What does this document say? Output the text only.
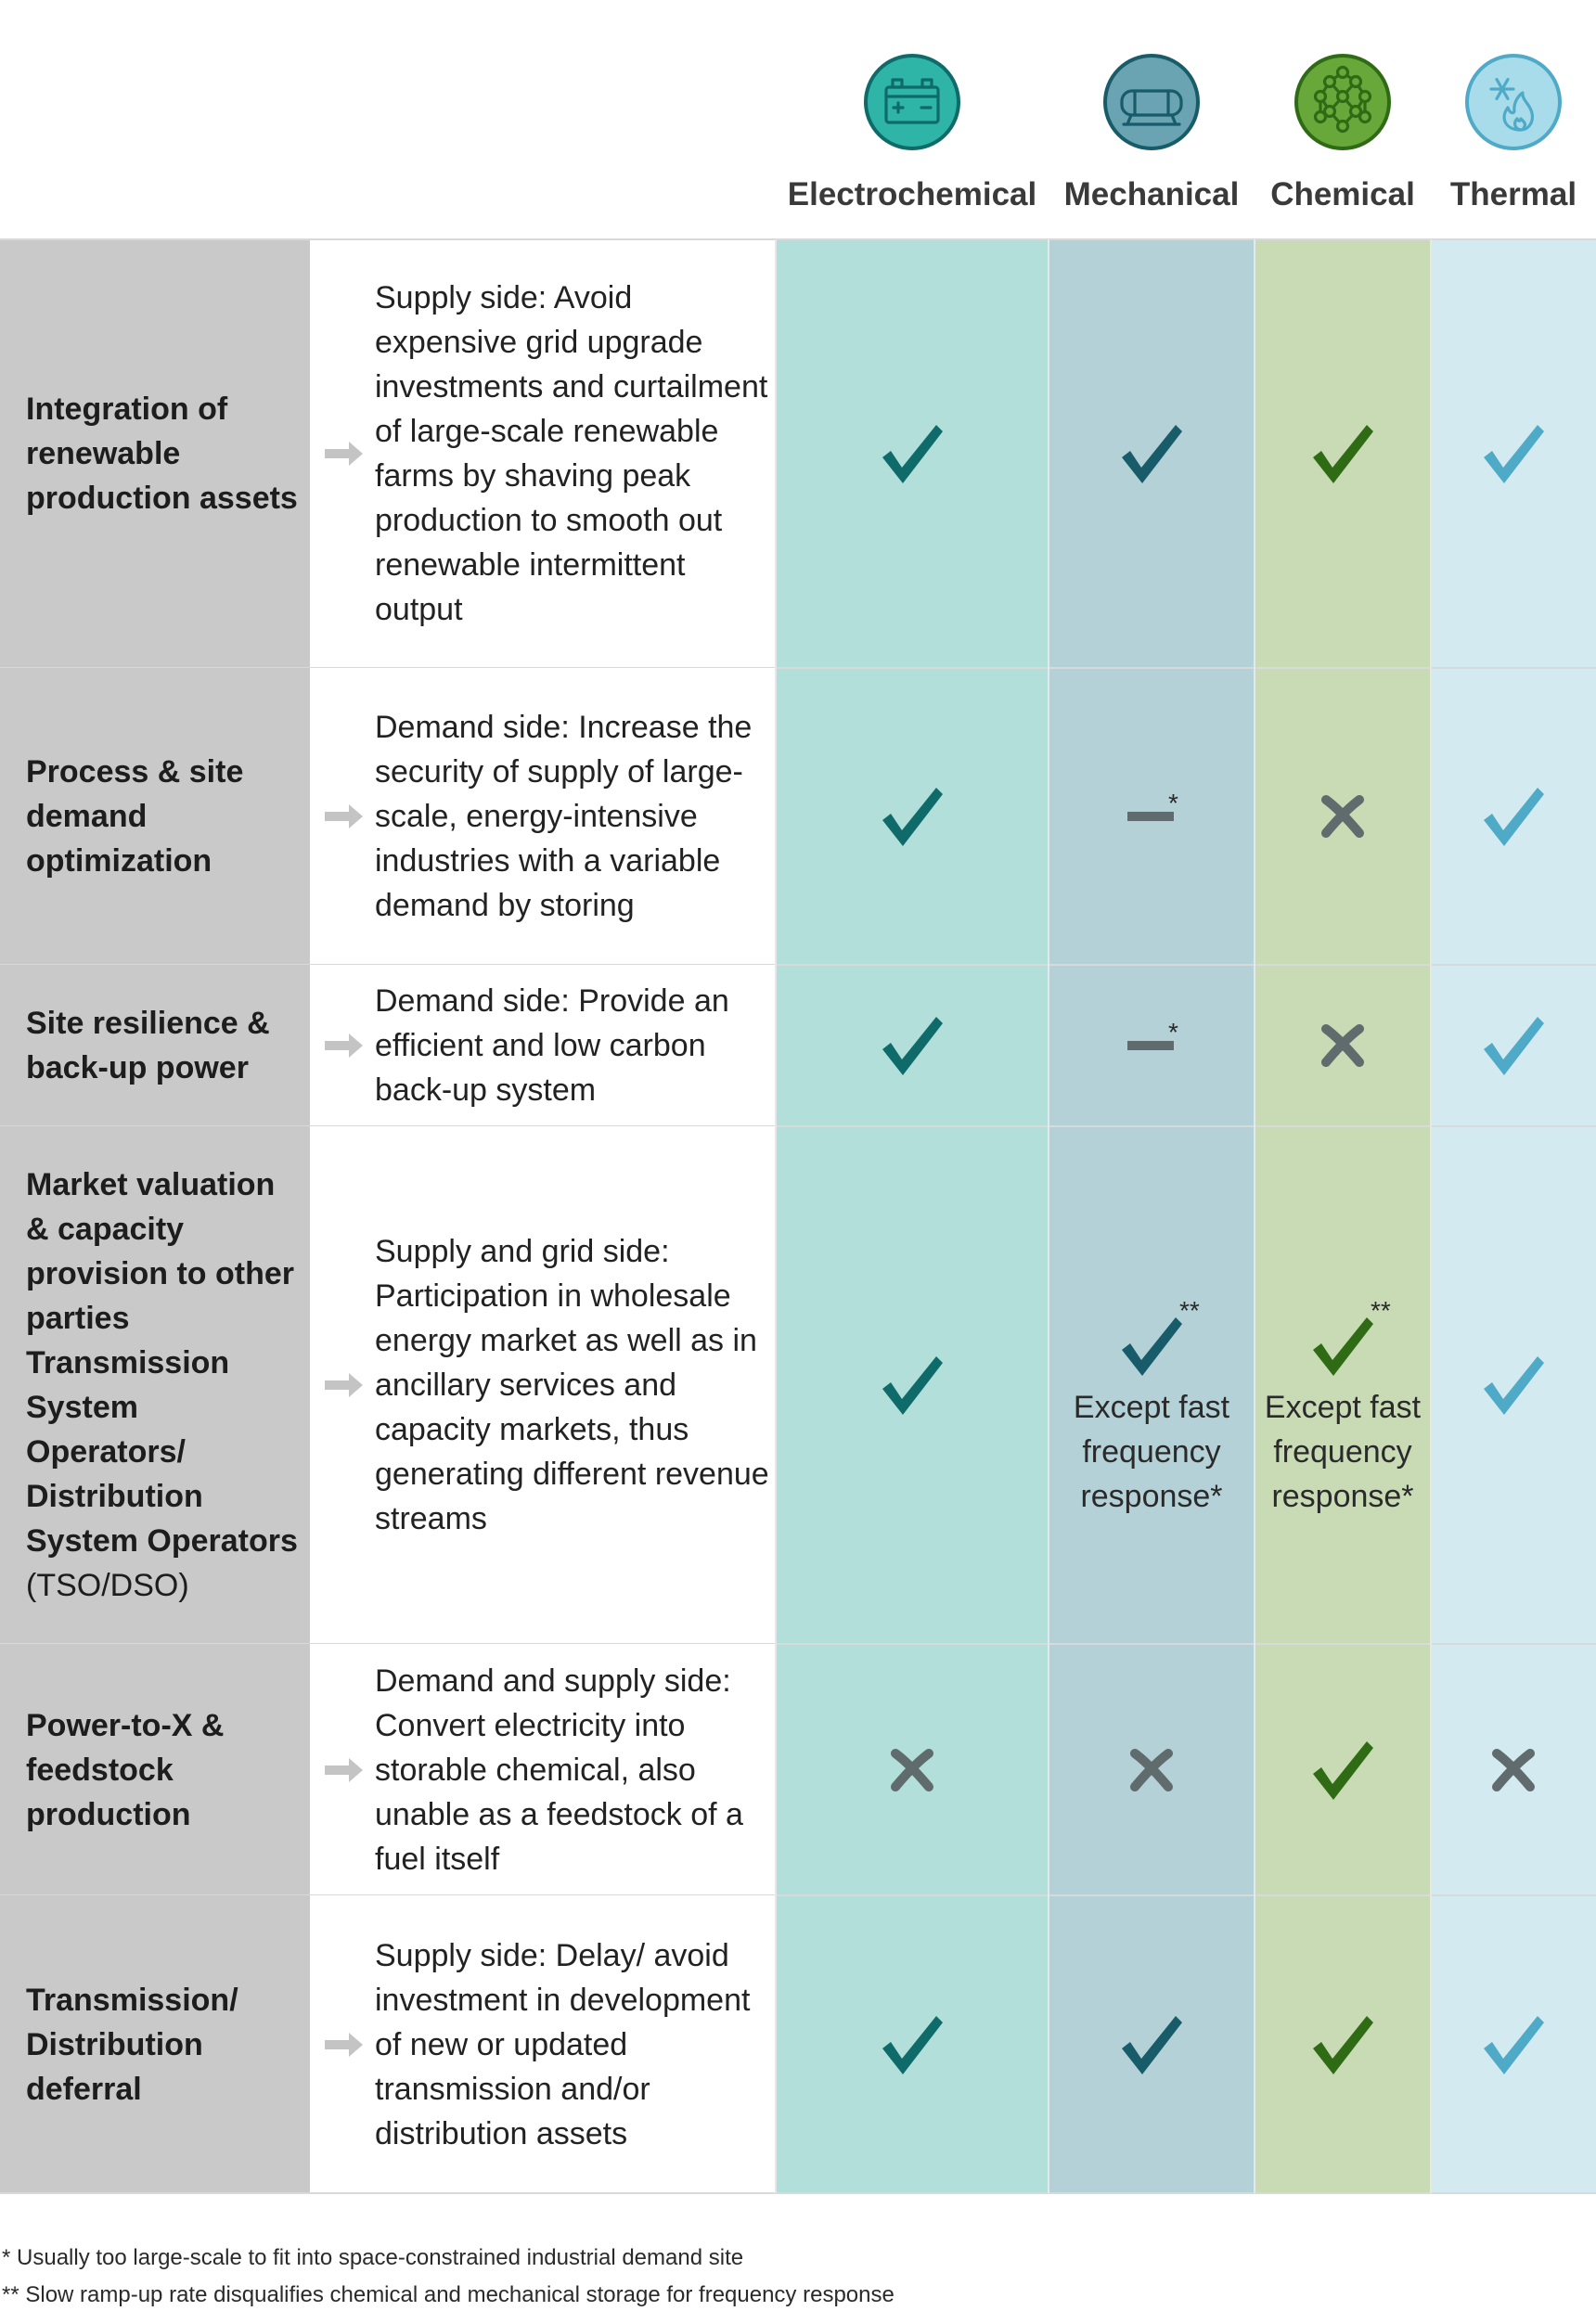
Electrochemical Mechanical Chemical	Thermal
Integration of renewable production assets
Supply side: Avoid expensive grid upgrade investments and curtailment of large-scale renewable farms by shaving peak production to smooth out renewable intermittent output
Process & site demand optimization
Demand side: Increase the security of supply of large-scale, energy-intensive industries with a variable demand by storing
*
Site resilience & back-up power
Demand side: Provide an efficient and low carbon back-up system
*
Market valuation & capacity provision to other parties Transmission System Operators/ Distribution System Operators
(TSO/DSO)
Supply and grid side: Participation in wholesale energy market as well as in ancillary services and capacity markets, thus generating different revenue streams
**
Except fast frequency response*
**
Except fast frequency response*
Power-to-X & feedstock production
Demand and supply side: Convert electricity into storable chemical, also unable as a feedstock of a fuel itself
Transmission/ Distribution deferral
Supply side: Delay/ avoid investment in development of new or updated transmission and/or distribution assets
* Usually too large-scale to fit into space-constrained industrial demand site
** Slow ramp-up rate disqualifies chemical and mechanical storage for frequency response
